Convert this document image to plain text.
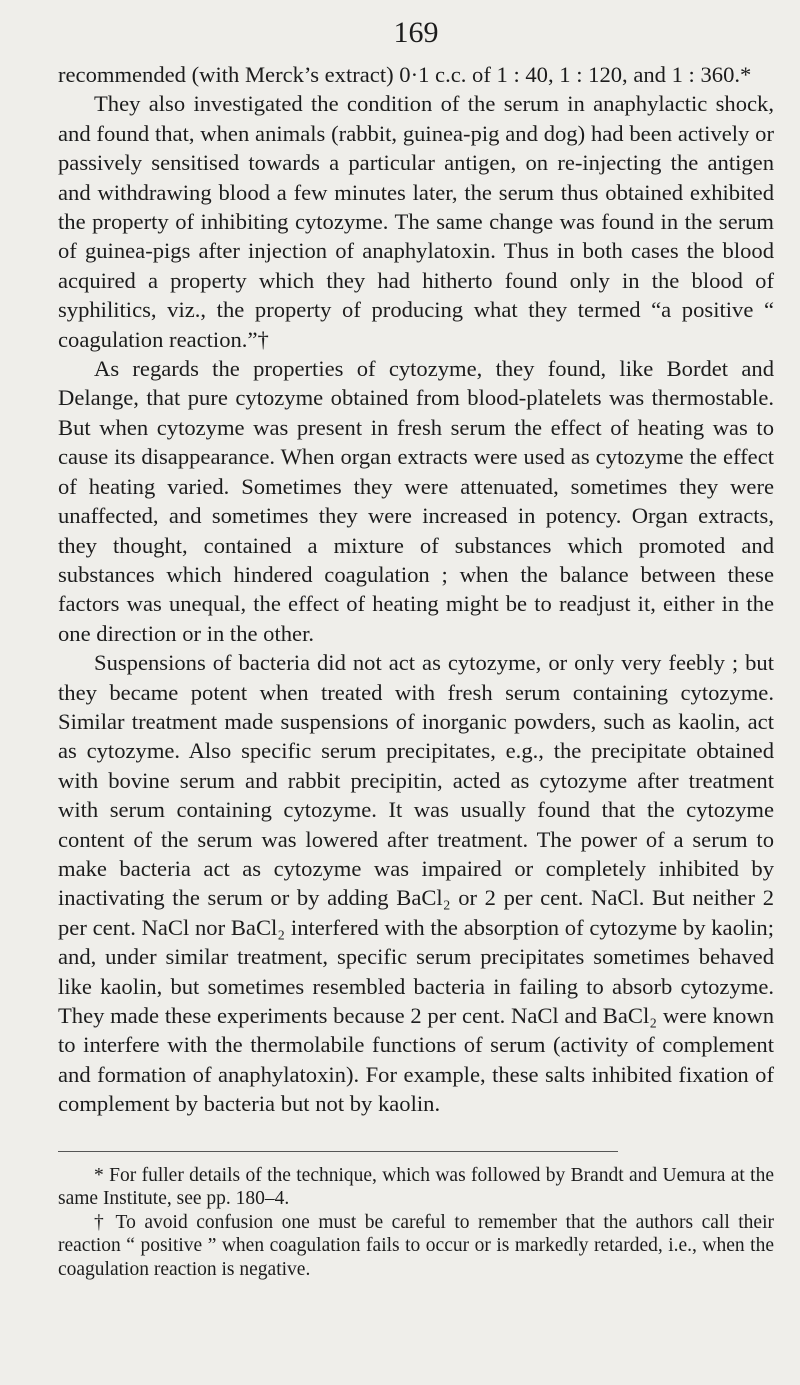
169

recommended (with Merck’s extract) 0·1 c.c. of 1 : 40, 1 : 120, and 1 : 360.*

They also investigated the condition of the serum in anaphylactic shock, and found that, when animals (rabbit, guinea-pig and dog) had been actively or passively sensitised towards a particular antigen, on re-injecting the antigen and withdrawing blood a few minutes later, the serum thus obtained exhibited the property of inhibiting cytozyme. The same change was found in the serum of guinea-pigs after injection of anaphylatoxin. Thus in both cases the blood acquired a property which they had hitherto found only in the blood of syphilitics, viz., the property of producing what they termed “a positive “ coagulation reaction.”†

As regards the properties of cytozyme, they found, like Bordet and Delange, that pure cytozyme obtained from blood-platelets was thermostable. But when cytozyme was present in fresh serum the effect of heating was to cause its disappearance. When organ extracts were used as cytozyme the effect of heating varied. Sometimes they were attenuated, sometimes they were unaffected, and sometimes they were increased in potency. Organ extracts, they thought, contained a mixture of substances which promoted and substances which hindered coagulation ; when the balance between these factors was unequal, the effect of heating might be to readjust it, either in the one direction or in the other.

Suspensions of bacteria did not act as cytozyme, or only very feebly ; but they became potent when treated with fresh serum containing cytozyme. Similar treatment made suspensions of inorganic powders, such as kaolin, act as cytozyme. Also specific serum precipitates, e.g., the precipitate obtained with bovine serum and rabbit precipitin, acted as cytozyme after treatment with serum containing cytozyme. It was usually found that the cytozyme content of the serum was lowered after treatment. The power of a serum to make bacteria act as cytozyme was impaired or completely inhibited by inactivating the serum or by adding BaCl₂ or 2 per cent. NaCl. But neither 2 per cent. NaCl nor BaCl₂ interfered with the absorption of cytozyme by kaolin; and, under similar treatment, specific serum precipitates sometimes behaved like kaolin, but sometimes resembled bacteria in failing to absorb cytozyme. They made these experiments because 2 per cent. NaCl and BaCl₂ were known to interfere with the thermolabile functions of serum (activity of complement and formation of anaphylatoxin). For example, these salts inhibited fixation of complement by bacteria but not by kaolin.

* For fuller details of the technique, which was followed by Brandt and Uemura at the same Institute, see pp. 180–4.

† To avoid confusion one must be careful to remember that the authors call their reaction “ positive ” when coagulation fails to occur or is markedly retarded, i.e., when the coagulation reaction is negative.
